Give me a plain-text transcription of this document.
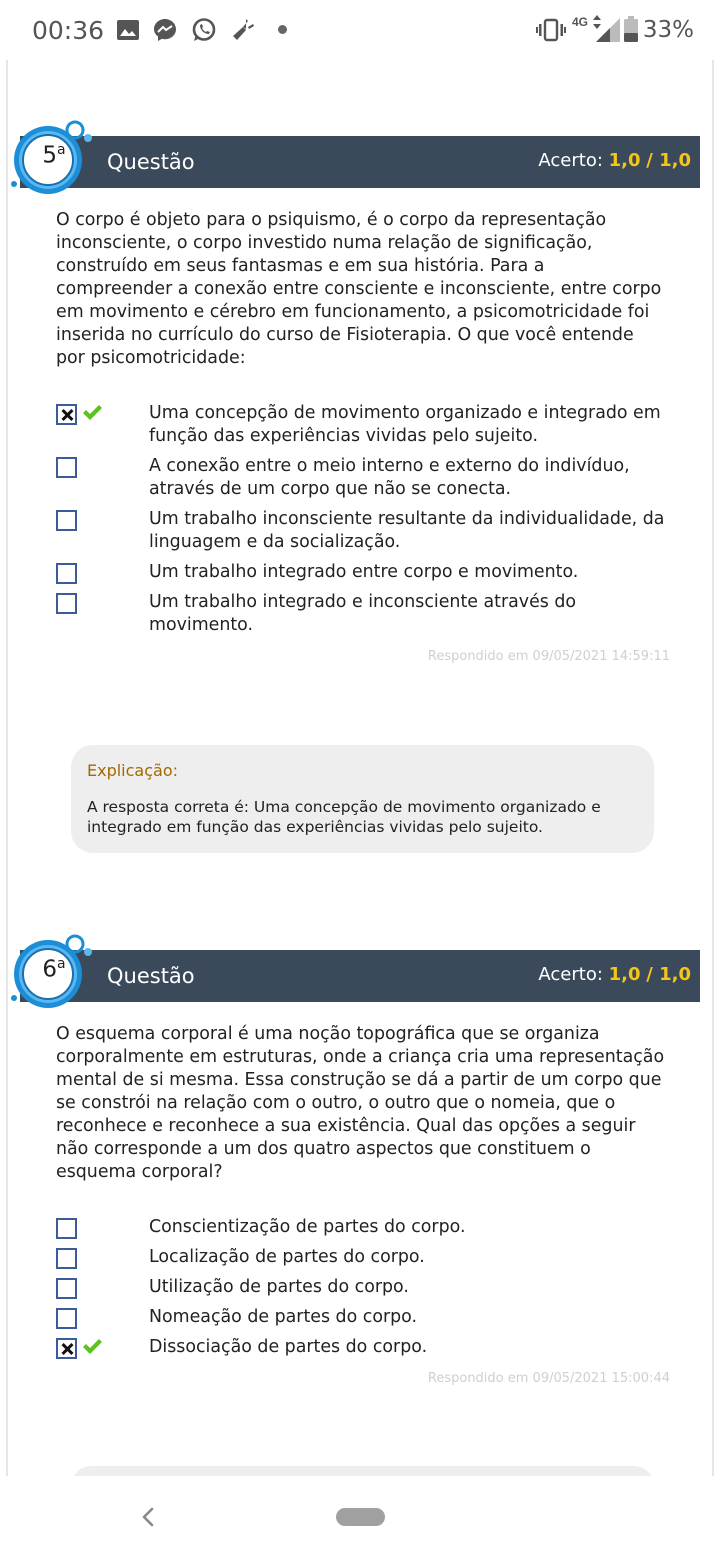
00:36	4G 33%
Questão	Acerto: 1,0 / 1,0
5$^a$
O corpo é objeto para o psiquismo, é o corpo da representação inconsciente, o corpo investido numa relação de significação, construído em seus fantasmas e em sua história. Para a compreender a conexão entre consciente e inconsciente, entre corpo em movimento e cérebro em funcionamento, a psicomotricidade foi inserida no currículo do curso de Fisioterapia. O que você entende por psicomotricidade:
Uma concepção de movimento organizado e integrado em função das experiências vividas pelo sujeito.
A conexão entre o meio interno e externo do indivíduo, através de um corpo que não se conecta.
Um trabalho inconsciente resultante da individualidade, da linguagem e da socialização.
Um trabalho integrado entre corpo e movimento.
Um trabalho integrado e inconsciente através do movimento.
Respondido em 09/05/2021 14:59:11
Explicação:
A resposta correta é: Uma concepção de movimento organizado e integrado em função das experiências vividas pelo sujeito.
Questão	Acerto: 1,0 / 1,0
6$^a$
O esquema corporal é uma noção topográfica que se organiza corporalmente em estruturas, onde a criança cria uma representação mental de si mesma. Essa construção se dá a partir de um corpo que se constrói na relação com o outro, o outro que o nomeia, que o reconhece e reconhece a sua existência. Qual das opções a seguir não corresponde a um dos quatro aspectos que constituem o esquema corporal?
Conscientização de partes do corpo.
Localização de partes do corpo.
Utilização de partes do corpo.
Nomeação de partes do corpo.
Dissociação de partes do corpo.
Respondido em 09/05/2021 15:00:44
